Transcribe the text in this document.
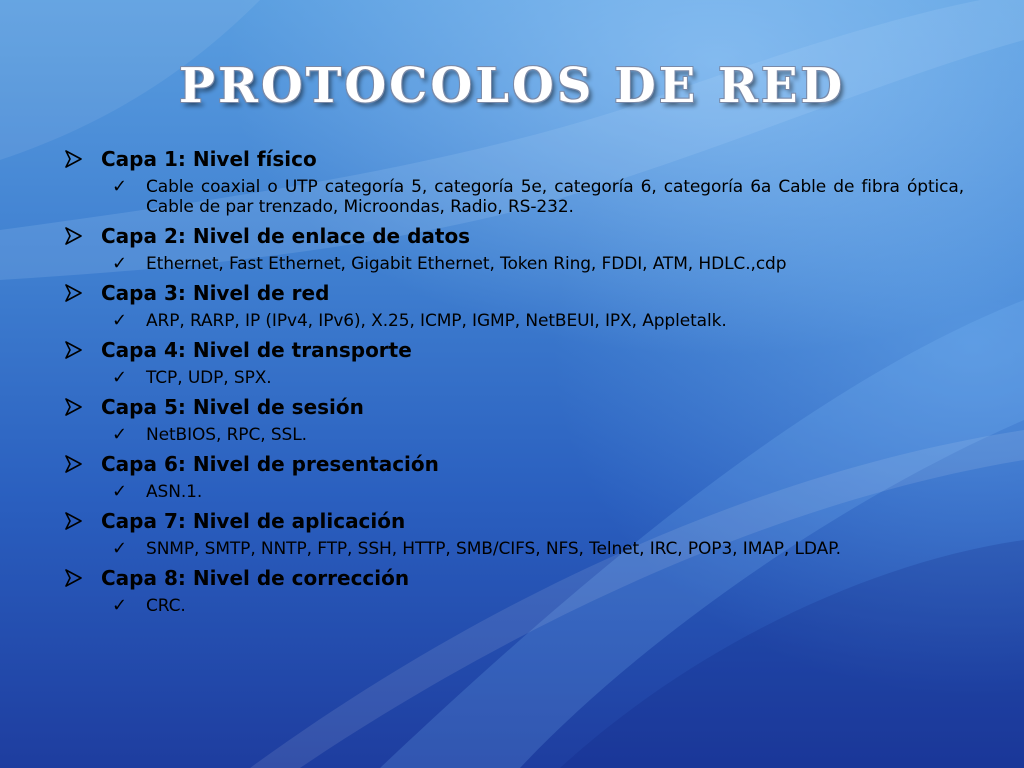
PROTOCOLOS DE RED
Capa 1: Nivel físico
✓	Cable coaxial o UTP categoría 5, categoría 5e, categoría 6, categoría 6a Cable de fibra óptica, Cable de par trenzado, Microondas, Radio, RS-232.
Capa 2: Nivel de enlace de datos
✓	Ethernet, Fast Ethernet, Gigabit Ethernet, Token Ring, FDDI, ATM, HDLC.,cdp
Capa 3: Nivel de red
✓	ARP, RARP, IP (IPv4, IPv6), X.25, ICMP, IGMP, NetBEUI, IPX, Appletalk.
Capa 4: Nivel de transporte
✓	TCP, UDP, SPX.
Capa 5: Nivel de sesión
✓	NetBIOS, RPC, SSL.
Capa 6: Nivel de presentación
✓	ASN.1.
Capa 7: Nivel de aplicación
✓	SNMP, SMTP, NNTP, FTP, SSH, HTTP, SMB/CIFS, NFS, Telnet, IRC, POP3, IMAP, LDAP.
Capa 8: Nivel de corrección
✓	CRC.
